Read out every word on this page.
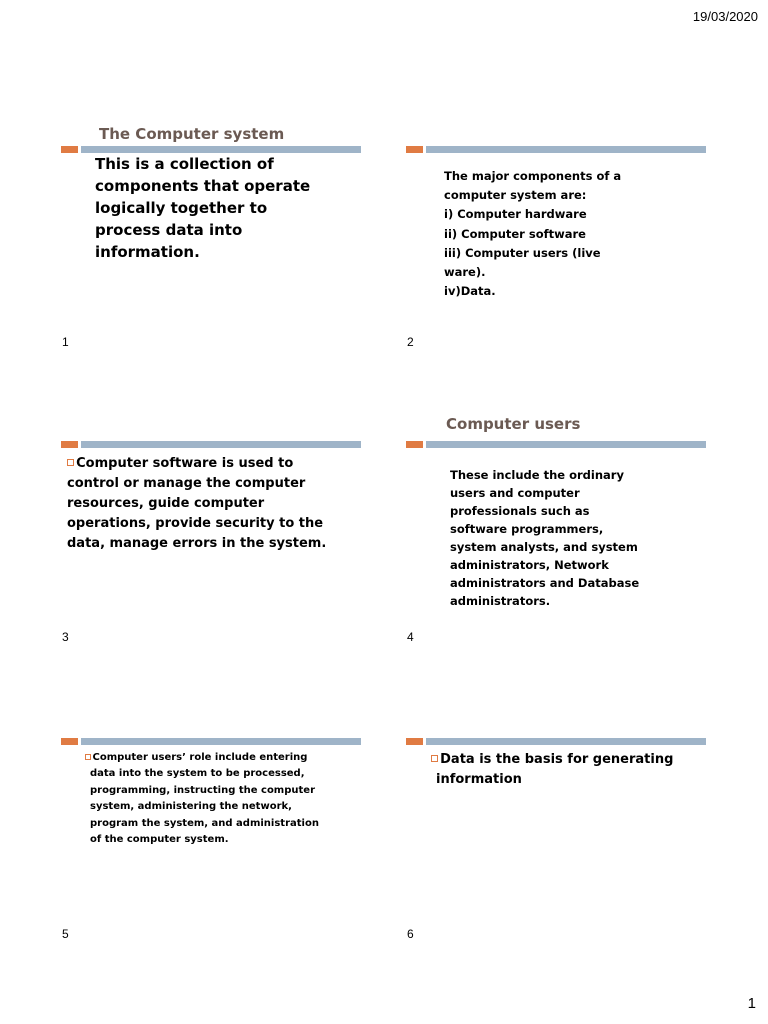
19/03/2020
The Computer system
This is a collection of
components that operate
logically together to
process data into
information.
1
The major components of a
computer system are:
i) Computer hardware
ii) Computer software
iii) Computer users (live
ware).
iv)Data.
2
Computer software is used to
control or manage the computer
resources, guide computer
operations, provide security to the
data, manage errors in the system.
3
Computer users
These include the ordinary
users and computer
professionals such as
software programmers,
system analysts, and system
administrators, Network
administrators and Database
administrators.
4
Computer users’ role include entering
data into the system to be processed,
programming, instructing the computer
system, administering the network,
program the system, and administration
of the computer system.
5
Data is the basis for generating
information
6
1
